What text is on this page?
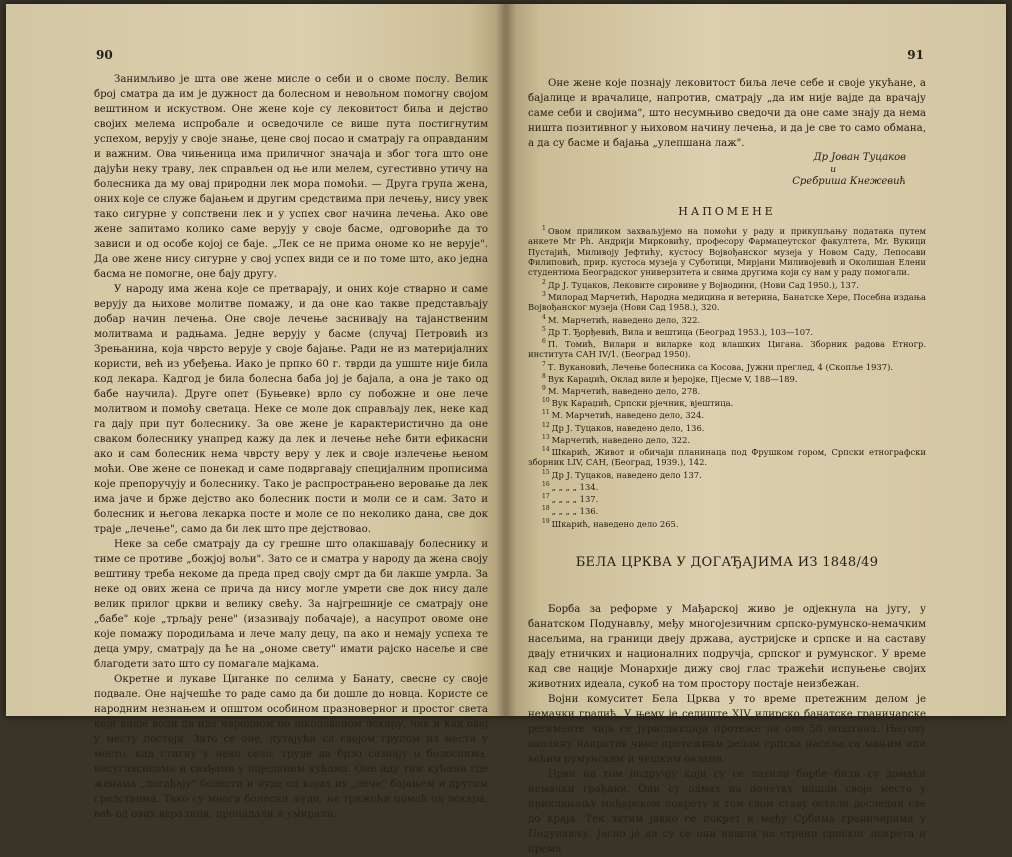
90

Занимљиво је шта ове жене мисле о себи и о своме послу. Велик број сматра да им је дужност да болесном и невољном помогну својом вештином и искуством. Оне жене које су лековитост биља и дејство својих мелема испробале и осведочиле се више пута постигнутим успехом, верују у своје знање, цене свој посао и сматрају га оправданим и важним. Ова чињеница има приличног значаја и због тога што оне дајући неку траву, лек справљен од ње или мелем, сугестивно утичу на болесника да му овај природни лек мора помоћи. — Друга група жена, оних које се служе бајањем и другим средствима при лечењу, нису увек тако сигурне у сопствени лек и у успех свог начина лечења. Ако ове жене запитамо колико саме верују у своје басме, одговориће да то зависи и од особе којој се баје. „Лек се не прима ономе ко не верује". Да ове жене нису сигурне у свој успех види се и по томе што, ако једна басма не помогне, оне бају другу.

У народу има жена које се претварају, и оних које стварно и саме верују да њихове молитве помажу, и да оне као такве представљају добар начин лечења. Оне своје лечење заснивају на тајанственим молитвама и радњама. Једне верују у басме (случај Петровић из Зрењанина, која чврсто верује у своје бајање. Ради не из материјалних користи, већ из убеђења. Иако је прпко 60 г. тврди да ушште није била код лекара. Кадгод је била болесна баба јој је бајала, а она је тако од бабе научила). Друге опет (Буњевке) врло су побожне и оне лече молитвом и помоћу светаца. Неке се моле док справљају лек, неке кад га дају при пут болеснику. За ове жене је карактеристично да оне сваком болеснику унапред кажу да лек и лечење неће бити ефикасни ако и сам болесник нема чврсту веру у лек и своје излечење њеном моћи. Ове жене се понекад и саме подвргавају специјалним прописима које препоручују и болеснику. Тако је распрострањено веровање да лек има јаче и брже дејство ако болесник пости и моли се и сам. Зато и болесник и његова лекарка посте и моле се по неколико дана, све док траје „лечење", само да би лек што пре дејствовао.

Неке за себе сматрају да су грешне што олакшавају болеснику и тиме се противе „божјој вољи". Зато се и сматра у народу да жена своју вештину треба некоме да преда пред своју смрт да би лакше умрла. За неке од ових жена се прича да нису могле умрети све док нису дале велик прилог цркви и велику свећу. За најгрешније се сматрају оне „бабе" које „трљају рене" (изазивају побачаје), а насупрот овоме оне које помажу породиљама и лече малу децу, па ако и немају успеха те деца умру, сматрају да ће на „ономе свету" имати рајско насеље и све благодети зато што су помагале мајкама.

Окретне и лукаве Циганке по селима у Банату, свесне су своје подвале. Оне најчешће то раде само да би дошле до новца. Користе се народним незнањем и општом особином празноверног и простог света који више воли да иде народном но школованом лекару, чак и кад овај у месту постоји. Зато се оне, лутајући са својом групом из места у место, кад стигну у неко село, труде да брзо сазнају о болеснима, несугласицама и свађама у појединим кућама. Оне иду тим кућама где женама „погађају" болести и нуде од којих их „лече" бајањем и другим средствима. Тако су многи болесни људи, не тражећи помоћ од лекара, већ од ових варалица, пропадали и умирали.

91

Оне жене које познају лековитост биља лече себе и своје укућане, а бајалице и врачалице, напротив, сматрају „да им није ваjде да врачају саме себи и својима", што несумњиво сведочи да оне саме знају да нема ништа позитивног у њиховом начину лечења, и да је све то само обмана, а да су басме и бајања „улепшана лаж".

Др Јован Туцаков
и
Сребриша Кнежевић
НАПОМЕНЕ
$^1$ Овом приликом захваљујемо на помоћи у раду и прикупљању података путем анкете Mr Ph. Андрији Мирковићу, професору Фармацеутског факултета, Mr. Вукици Пустајић, Миливоју Јефтићу, кустосу Војвођанског музеја у Новом Саду, Лепосави Филиповић, прир. кустоса музеја у Суботици, Мирјани Миливојевић и Околишан Елени студентима Београдског универзитета и свима другима који су нам у раду помогали.
$^2$ Др Ј. Туцаков, Лековите сировине у Војводини, (Нови Сад 1950.), 137.
$^3$ Милорад Марчетић, Народна медицина и ветерина, Банатске Хере, Посебна издања Војвођанског музеја (Нови Сад 1958.), 320.
$^4$ М. Марчетић, наведено дело, 322.
$^5$ Др Т. Ђорђевић, Вила и вештица (Београд 1953.), 103—107.
$^6$ П. Томић, Вилари и виларке код влашких Цигана. Зборник радова Етногр. института САН IV/1. (Београд 1950).
$^7$ Т. Вукановић, Лечење болесника са Косова, Јужни преглед, 4 (Скопље 1937).
$^8$ Вук Караџић, Оклад виле и ђеројке, Пјесме V, 188—189.
$^9$ М. Марчетић, наведено дело, 278.
$^{10}$ Вук Караџић, Српски рјечник, вјештица.
$^{11}$ М. Марчетић, наведено дело, 324.
$^{12}$ Др Ј. Туцаков, наведено дело, 136.
$^{13}$ Марчетић, наведено дело, 322.
$^{14}$ Шкарић, Живот и обичаји планинаца под Фрушком гором, Српски етнографски зборник LIV, САН, (Београд, 1939.), 142.
$^{15}$ Др Ј. Туцаков, наведено дело 137.
$^{16}$ „ „ „ „ 134.
$^{17}$ „ „ „ „ 137.
$^{18}$ „ „ „ „ 136.
$^{19}$ Шкарић, наведено дело 265.
БЕЛА ЦРКВА У ДОГАЂАЈИМА ИЗ 1848/49

Борба за реформе у Мађарској живо је одјекнула на југу, у банатском Подунављу, међу многојезичним српско-румунско-немачким насељима, на граници двеју држава, аустријске и српске и на саставу двају етничких и националних подручја, српског и румунског. У време кад све нације Монархије дижу свој глас тражећи испуњење својих животних идеала, сукоб на том простору постаје неизбежан.

Војни комуситет Бела Црква у то време претежним делом је немачки градић. У њему је седиште XIV илирско банатске граничарске регименте чија се јурисдикција протеже на ово 50 општина. Његову околину напротив чине претежним делом српска насеља са мањим или већим румунским и чешким оазама.

Први на том подручју који су се латили борбе били су домаћи немачки грађани. Они су одмах на почетку нашли своје место у приклањању мађарском покрету и том свом ставу остали доследни све до краја. Тек затим јавио се покрет и међу Србима граничарима у Подунављу. Јасно је да су се они нашли на страни српског покрета и према
